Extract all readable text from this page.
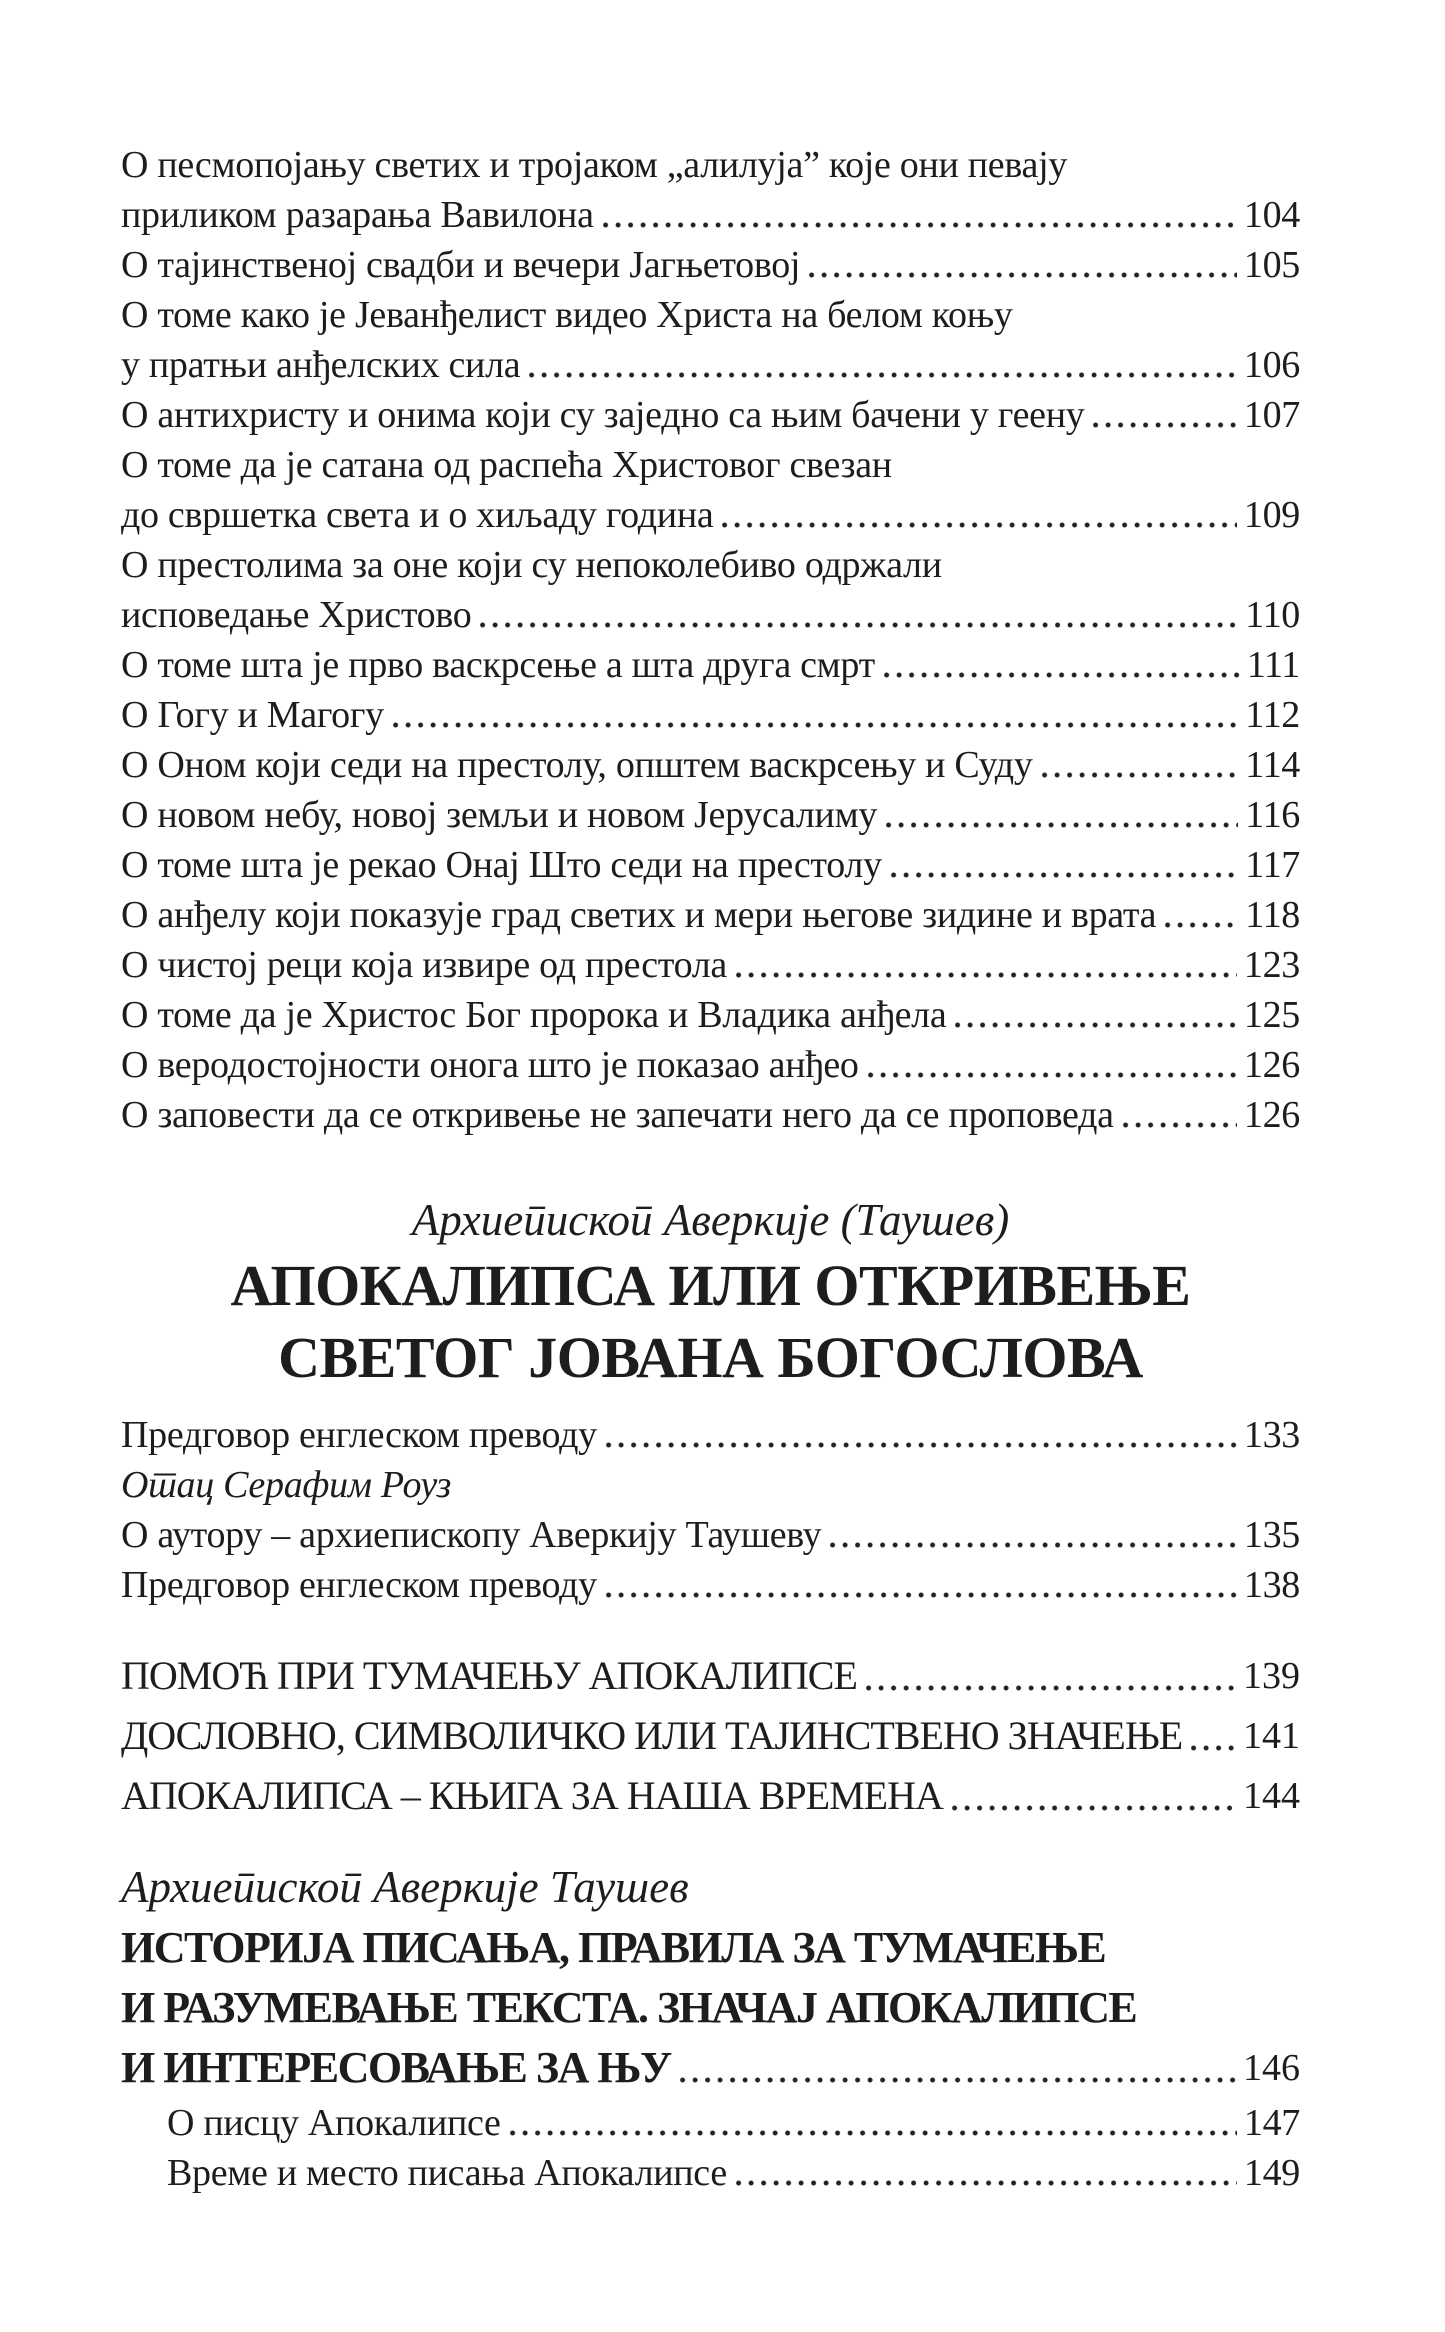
О песмопојању светих и тројаком „алилуја” које они певају
приликом разарања Вавилона	104
О тајинственој свадби и вечери Јагњетовој	105
О томе како је Јеванђелист видео Христа на белом коњу
у пратњи анђелских сила	106
О антихристу и онима који су заједно са њим бачени у геену	107
О томе да је сатана од распећа Христовог свезан
до свршетка света и о хиљаду година	109
О престолима за оне који су непоколебиво одржали
исповедање Христово	110
О томе шта је прво васкрсење а шта друга смрт	111
О Гогу и Магогу	112
О Оном који седи на престолу, општем васкрсењу и Суду	114
О новом небу, новој земљи и новом Јерусалиму	116
О томе шта је рекао Онај Што седи на престолу	117
О анђелу који показује град светих и мери његове зидине и врата 118
О чистој реци која извире од престола	123
О томе да је Христос Бог пророка и Владика анђела	125
О веродостојности онога што је показао анђео	126
О заповести да се откривење не запечати него да се проповеда	126
Архиепископ Аверкије (Таушев)
АПОКАЛИПСА ИЛИ ОТКРИВЕЊЕ
СВЕТОГ ЈОВАНА БОГОСЛОВА
Предговор енглеском преводу	133
Отац Серафим Роуз
О аутору – архиепископу Аверкију Таушеву	135
Предговор енглеском преводу	138
ПОМОЋ ПРИ ТУМАЧЕЊУ АПОКАЛИПСЕ	139
ДОСЛОВНО, СИМВОЛИЧКО ИЛИ ТАЈИНСТВЕНО ЗНАЧЕЊЕ 141
АПОКАЛИПСА – КЊИГА ЗА НАША ВРЕМЕНА	144
Архиепископ Аверкије Таушев
ИСТОРИЈА ПИСАЊА, ПРАВИЛА ЗА ТУМАЧЕЊЕ
И РАЗУМЕВАЊЕ ТЕКСТА. ЗНАЧАЈ АПОКАЛИПСЕ
И ИНТЕРЕСОВАЊЕ ЗА ЊУ	146
О писцу Апокалипсе	147
Време и место писања Апокалипсе	149
